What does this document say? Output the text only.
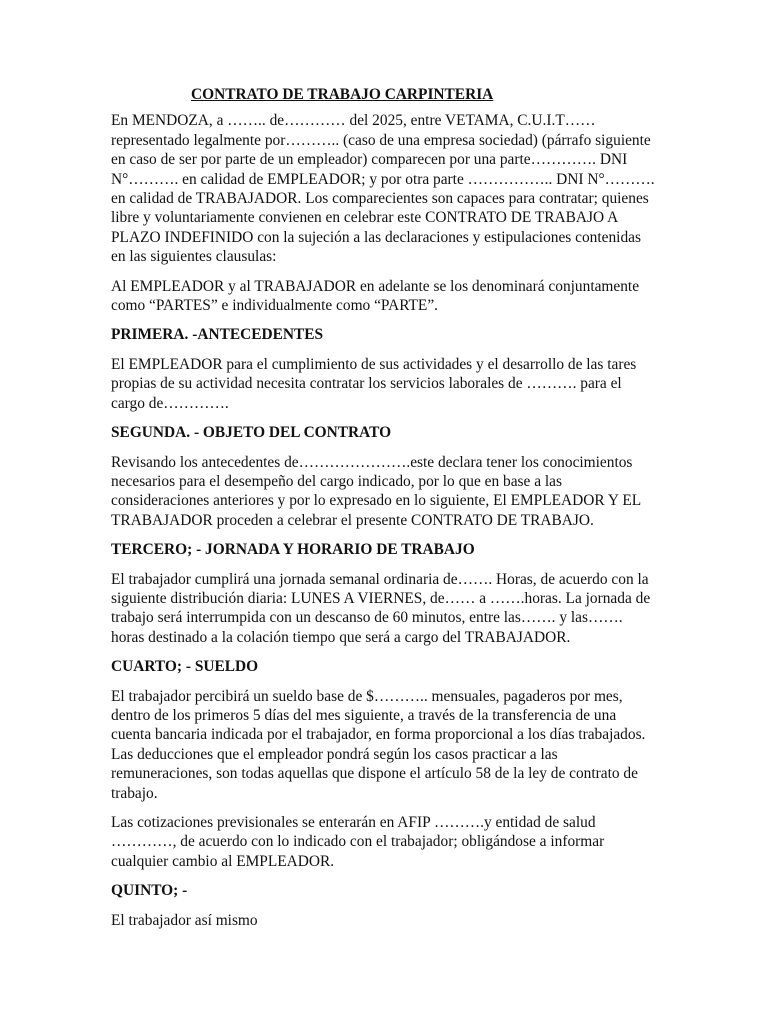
CONTRATO DE TRABAJO CARPINTERIA

En MENDOZA, a …….. de………… del 2025, entre VETAMA, C.U.I.T…… representado legalmente por……….. (caso de una empresa sociedad) (párrafo siguiente en caso de ser por parte de un empleador) comparecen por una parte…………. DNI N°………. en calidad de EMPLEADOR; y por otra parte …………….. DNI N°………. en calidad de TRABAJADOR. Los comparecientes son capaces para contratar; quienes libre y voluntariamente convienen en celebrar este CONTRATO DE TRABAJO A PLAZO INDEFINIDO con la sujeción a las declaraciones y estipulaciones contenidas en las siguientes clausulas:

Al EMPLEADOR y al TRABAJADOR en adelante se los denominará conjuntamente como “PARTES” e individualmente como “PARTE”.

PRIMERA. -ANTECEDENTES

El EMPLEADOR para el cumplimiento de sus actividades y el desarrollo de las tares propias de su actividad necesita contratar los servicios laborales de ………. para el cargo de………….

SEGUNDA. - OBJETO DEL CONTRATO

Revisando los antecedentes de………………….este declara tener los conocimientos necesarios para el desempeño del cargo indicado, por lo que en base a las consideraciones anteriores y por lo expresado en lo siguiente, El EMPLEADOR Y EL TRABAJADOR proceden a celebrar el presente CONTRATO DE TRABAJO.

TERCERO; - JORNADA Y HORARIO DE TRABAJO

El trabajador cumplirá una jornada semanal ordinaria de……. Horas, de acuerdo con la siguiente distribución diaria: LUNES A VIERNES, de…… a …….horas. La jornada de trabajo será interrumpida con un descanso de 60 minutos, entre las……. y las……. horas destinado a la colación tiempo que será a cargo del TRABAJADOR.

CUARTO; - SUELDO

El trabajador percibirá un sueldo base de $……….. mensuales, pagaderos por mes, dentro de los primeros 5 días del mes siguiente, a través de la transferencia de una cuenta bancaria indicada por el trabajador, en forma proporcional a los días trabajados. Las deducciones que el empleador pondrá según los casos practicar a las remuneraciones, son todas aquellas que dispone el artículo 58 de la ley de contrato de trabajo.

Las cotizaciones previsionales se enterarán en AFIP ……….y entidad de salud …………, de acuerdo con lo indicado con el trabajador; obligándose a informar cualquier cambio al EMPLEADOR.

QUINTO; -

El trabajador así mismo
